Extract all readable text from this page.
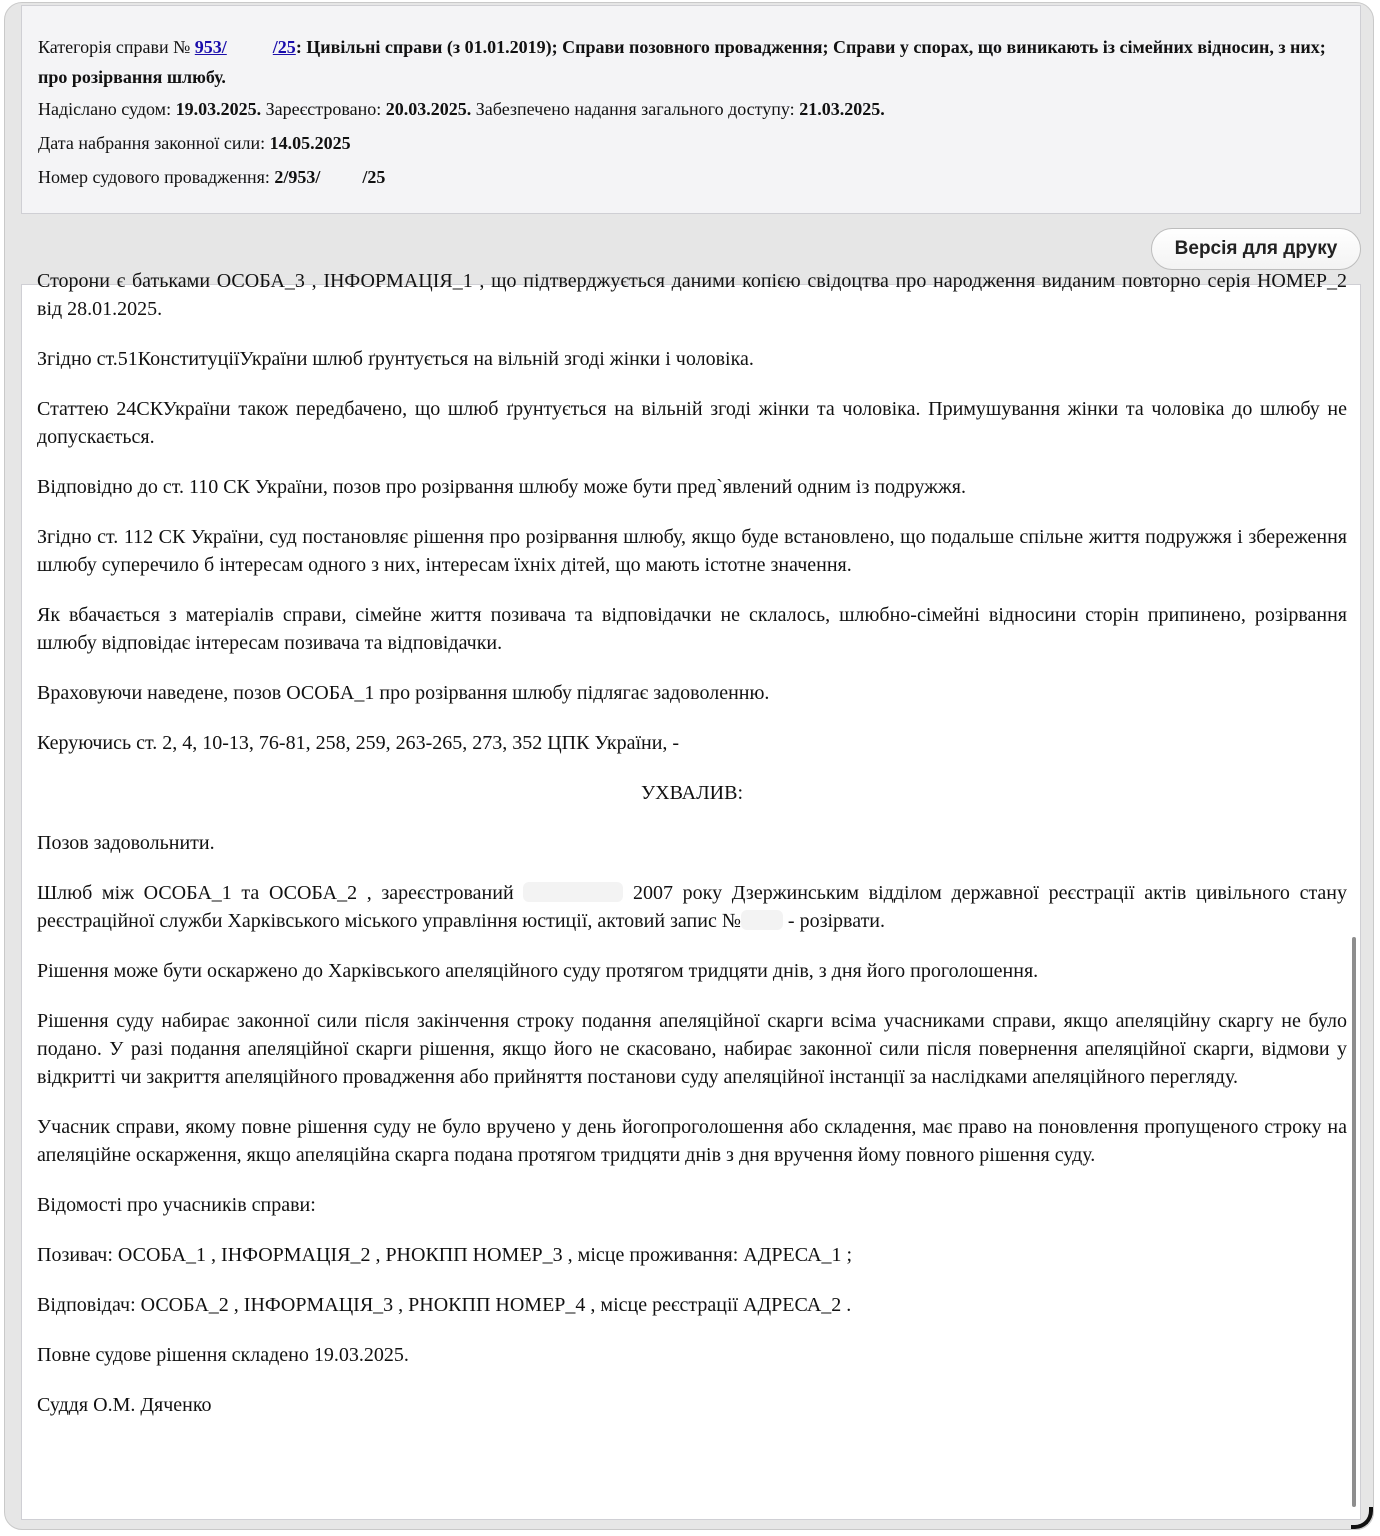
Категорія справи № 953/	/25: Цивільні справи (з 01.01.2019); Справи позовного провадження; Справи у спорах, що виникають із сімейних відносин, з них; про розірвання шлюбу.

Надіслано судом: 19.03.2025. Зареєстровано: 20.03.2025. Забезпечено надання загального доступу: 21.03.2025.

Дата набрання законної сили: 14.05.2025

Номер судового провадження: 2/953/ /25

Версія для друку

Сторони є батьками ОСОБА_3 , ІНФОРМАЦІЯ_1 , що підтверджується даними копією свідоцтва про народження виданим повторно серія НОМЕР_2 від 28.01.2025.

Згідно ст.51КонституціїУкраїни шлюб ґрунтується на вільній згоді жінки і чоловіка.

Статтею 24СКУкраїни також передбачено, що шлюб ґрунтується на вільній згоді жінки та чоловіка. Примушування жінки та чоловіка до шлюбу не допускається.

Відповідно до ст. 110 СК України, позов про розірвання шлюбу може бути пред`явлений одним із подружжя.

Згідно ст. 112 СК України, суд постановляє рішення про розірвання шлюбу, якщо буде встановлено, що подальше спільне життя подружжя і збереження шлюбу суперечило б інтересам одного з них, інтересам їхніх дітей, що мають істотне значення.

Як вбачається з матеріалів справи, сімейне життя позивача та відповідачки не склалось, шлюбно-сімейні відносини сторін припинено, розірвання шлюбу відповідає інтересам позивача та відповідачки.

Враховуючи наведене, позов ОСОБА_1 про розірвання шлюбу підлягає задоволенню.

Керуючись ст. 2, 4, 10-13, 76-81, 258, 259, 263-265, 273, 352 ЦПК України, -

УХВАЛИВ:

Позов задовольнити.

Шлюб між ОСОБА_1 та ОСОБА_2 , зареєстрований	2007 року Дзержинським відділом державної реєстрації актів цивільного стану реєстраційної служби Харківського міського управління юстиції, актовий запис № - розірвати.

Рішення може бути оскаржено до Харківського апеляційного суду протягом тридцяти днів, з дня його проголошення.

Рішення суду набирає законної сили після закінчення строку подання апеляційної скарги всіма учасниками справи, якщо апеляційну скаргу не було подано. У разі подання апеляційної скарги рішення, якщо його не скасовано, набирає законної сили після повернення апеляційної скарги, відмови у відкритті чи закриття апеляційного провадження або прийняття постанови суду апеляційної інстанції за наслідками апеляційного перегляду.

Учасник справи, якому повне рішення суду не було вручено у день йогопроголошення або складення, має право на поновлення пропущеного строку на апеляційне оскарження, якщо апеляційна скарга подана протягом тридцяти днів з дня вручення йому повного рішення суду.

Відомості про учасників справи:

Позивач: ОСОБА_1 , ІНФОРМАЦІЯ_2 , РНОКПП НОМЕР_3 , місце проживання: АДРЕСА_1 ;

Відповідач: ОСОБА_2 , ІНФОРМАЦІЯ_3 , РНОКПП НОМЕР_4 , місце реєстрації АДРЕСА_2 .

Повне судове рішення складено 19.03.2025.

Суддя О.М. Дяченко
